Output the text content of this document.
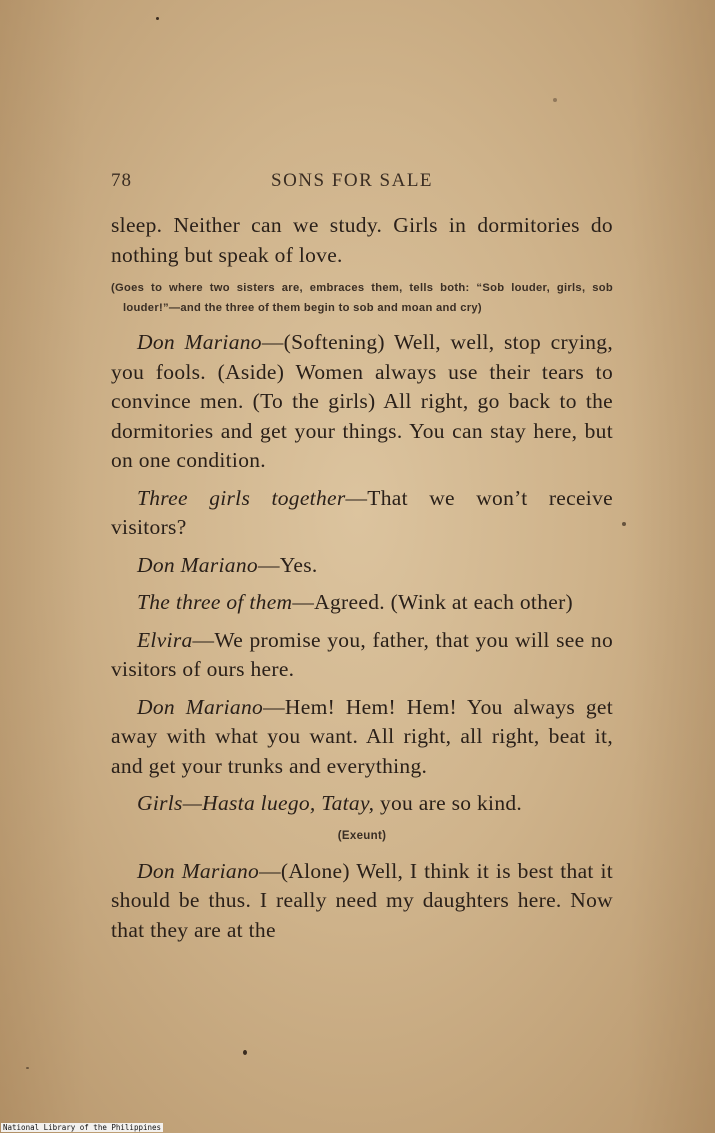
78	SONS FOR SALE

sleep. Neither can we study. Girls in dormitories do nothing but speak of love.

(Goes to where two sisters are, embraces them, tells both: “Sob louder, girls, sob louder!”—and the three of them begin to sob and moan and cry)

Don Mariano—(Softening) Well, well, stop crying, you fools. (Aside) Women always use their tears to convince men. (To the girls) All right, go back to the dormitories and get your things. You can stay here, but on one condition.

Three girls together—That we won’t receive visitors?

Don Mariano—Yes.

The three of them—Agreed. (Wink at each other)

Elvira—We promise you, father, that you will see no visitors of ours here.

Don Mariano—Hem! Hem! Hem! You always get away with what you want. All right, all right, beat it, and get your trunks and everything.

Girls—Hasta luego, Tatay, you are so kind.

(Exeunt)

Don Mariano—(Alone) Well, I think it is best that it should be thus. I really need my daughters here. Now that they are at the

National Library of the Philippines
